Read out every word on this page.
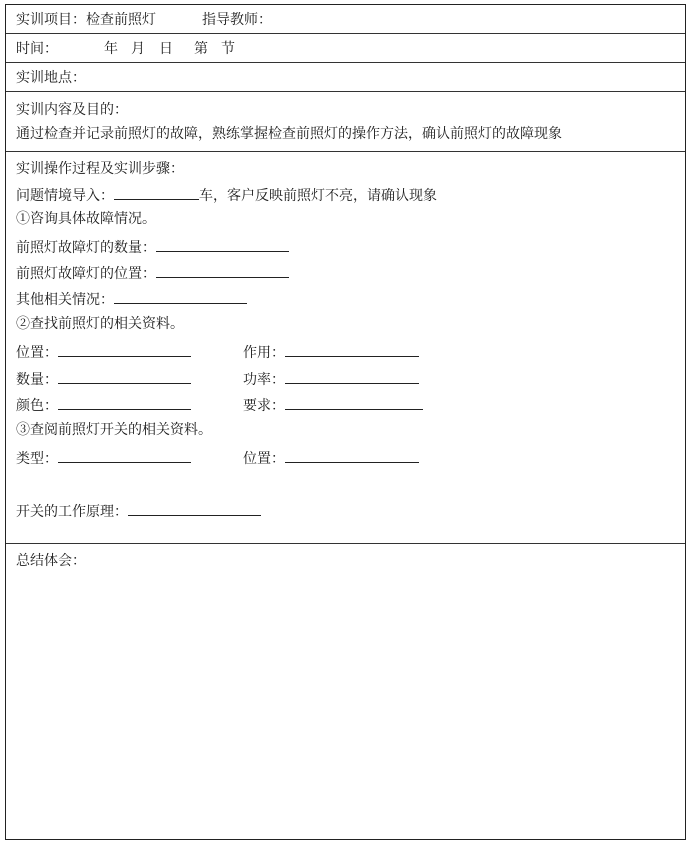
实训项目：检查前照灯	指导教师：
时间：	年 月 日 第 节
实训地点：
实训内容及目的：
通过检查并记录前照灯的故障，熟练掌握检查前照灯的操作方法，确认前照灯的故障现象
实训操作过程及实训步骤：
问题情境导入：	车，客户反映前照灯不亮，请确认现象
①咨询具体故障情况。
前照灯故障灯的数量：
前照灯故障灯的位置：
其他相关情况：
②查找前照灯的相关资料。
位置：	作用：
数量：	功率：
颜色：	要求：
③查阅前照灯开关的相关资料。
类型：	位置：
开关的工作原理：
总结体会：
